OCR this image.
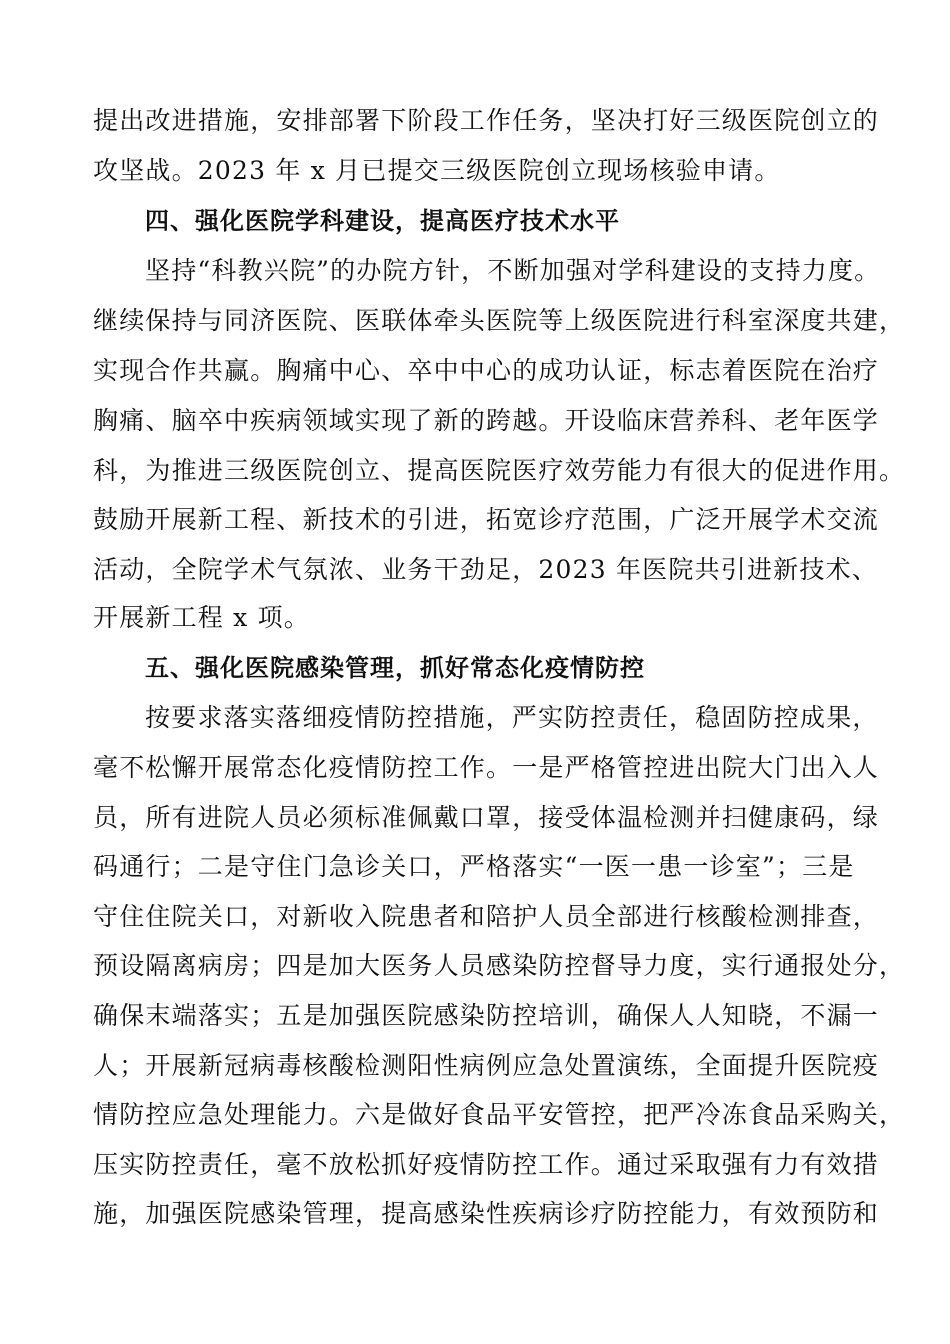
提出改进措施，安排部署下阶段工作任务，坚决打好三级医院创立的
攻坚战。2023 年 x 月已提交三级医院创立现场核验申请。
四、强化医院学科建设，提高医疗技术水平
坚持“科教兴院”的办院方针，不断加强对学科建设的支持力度。
继续保持与同济医院、医联体牵头医院等上级医院进行科室深度共建，
实现合作共赢。胸痛中心、卒中中心的成功认证，标志着医院在治疗
胸痛、脑卒中疾病领域实现了新的跨越。开设临床营养科、老年医学
科，为推进三级医院创立、提高医院医疗效劳能力有很大的促进作用。
鼓励开展新工程、新技术的引进，拓宽诊疗范围，广泛开展学术交流
活动，全院学术气氛浓、业务干劲足，2023 年医院共引进新技术、
开展新工程 x 项。
五、强化医院感染管理，抓好常态化疫情防控
按要求落实落细疫情防控措施，严实防控责任，稳固防控成果，
毫不松懈开展常态化疫情防控工作。一是严格管控进出院大门出入人
员，所有进院人员必须标准佩戴口罩，接受体温检测并扫健康码，绿
码通行；二是守住门急诊关口，严格落实“一医一患一诊室”；三是
守住住院关口，对新收入院患者和陪护人员全部进行核酸检测排查，
预设隔离病房；四是加大医务人员感染防控督导力度，实行通报处分，
确保末端落实；五是加强医院感染防控培训，确保人人知晓，不漏一
人；开展新冠病毒核酸检测阳性病例应急处置演练，全面提升医院疫
情防控应急处理能力。六是做好食品平安管控，把严冷冻食品采购关，
压实防控责任，毫不放松抓好疫情防控工作。通过采取强有力有效措
施，加强医院感染管理，提高感染性疾病诊疗防控能力，有效预防和
